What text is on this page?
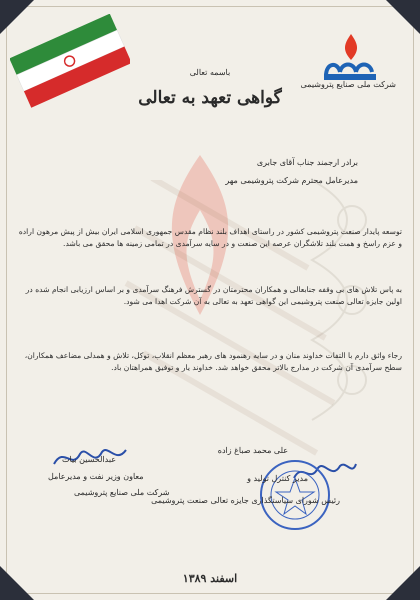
شرکت ملی صنایع پتروشیمی
باسمه تعالی
گواهی تعهد به تعالی
برادر ارجمند جناب آقای جابری
مدیرعامل محترم شرکت پتروشیمی مهر
توسعه پایدار صنعت پتروشیمی کشور در راستای اهداف بلند نظام مقدس جمهوری اسلامی ایران بیش از پیش مرهون اراده و عزم راسخ و همت بلند تلاشگران عرصه این صنعت و در سایه سرآمدی در تمامی زمینه ها محقق می باشد.
به پاس تلاش های بی وقفه جنابعالی و همکاران محترمتان در گسترش فرهنگ سرآمدی و بر اساس ارزیابی انجام شده در اولین جایزه تعالی صنعت پتروشیمی این گواهی تعهد به تعالی به آن شرکت اهدا می شود.
رجاء واثق دارم با التفات خداوند منان و در سایه رهنمود های رهبر معظم انقلاب، توکل، تلاش و همدلی مضاعف همکاران، سطح سرآمدی آن شرکت در مدارج بالاتر محقق خواهد شد. خداوند یار و توفیق همراهتان باد.
عبدالحسین بیات
معاون وزیر نفت و مدیرعامل
شرکت ملی صنایع پتروشیمی
علی محمد صباغ زاده
مدیر کنترل تولید و
رئیس شورای سیاستگذاری جایزه تعالی صنعت پتروشیمی
اسفند ۱۳۸۹
